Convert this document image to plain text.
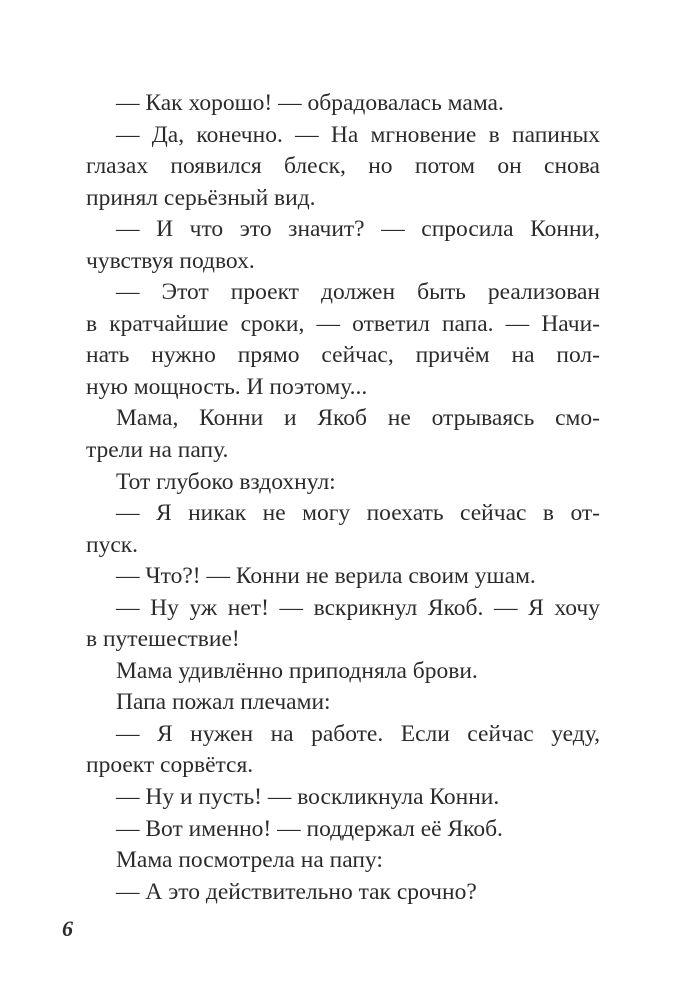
— Как хорошо! — обрадовалась мама.
— Да, конечно. — На мгновение в папиных
глазах появился блеск, но потом он снова
принял серьёзный вид.
— И что это значит? — спросила Конни,
чувствуя подвох.
— Этот проект должен быть реализован
в кратчайшие сроки, — ответил папа. — Начи-
нать нужно прямо сейчас, причём на пол-
ную мощность. И поэтому...
Мама, Конни и Якоб не отрываясь смо-
трели на папу.
Тот глубоко вздохнул:
— Я никак не могу поехать сейчас в от-
пуск.
— Что?! — Конни не верила своим ушам.
— Ну уж нет! — вскрикнул Якоб. — Я хочу
в путешествие!
Мама удивлённо приподняла брови.
Папа пожал плечами:
— Я нужен на работе. Если сейчас уеду,
проект сорвётся.
— Ну и пусть! — воскликнула Конни.
— Вот именно! — поддержал её Якоб.
Мама посмотрела на папу:
— А это действительно так срочно?
6
